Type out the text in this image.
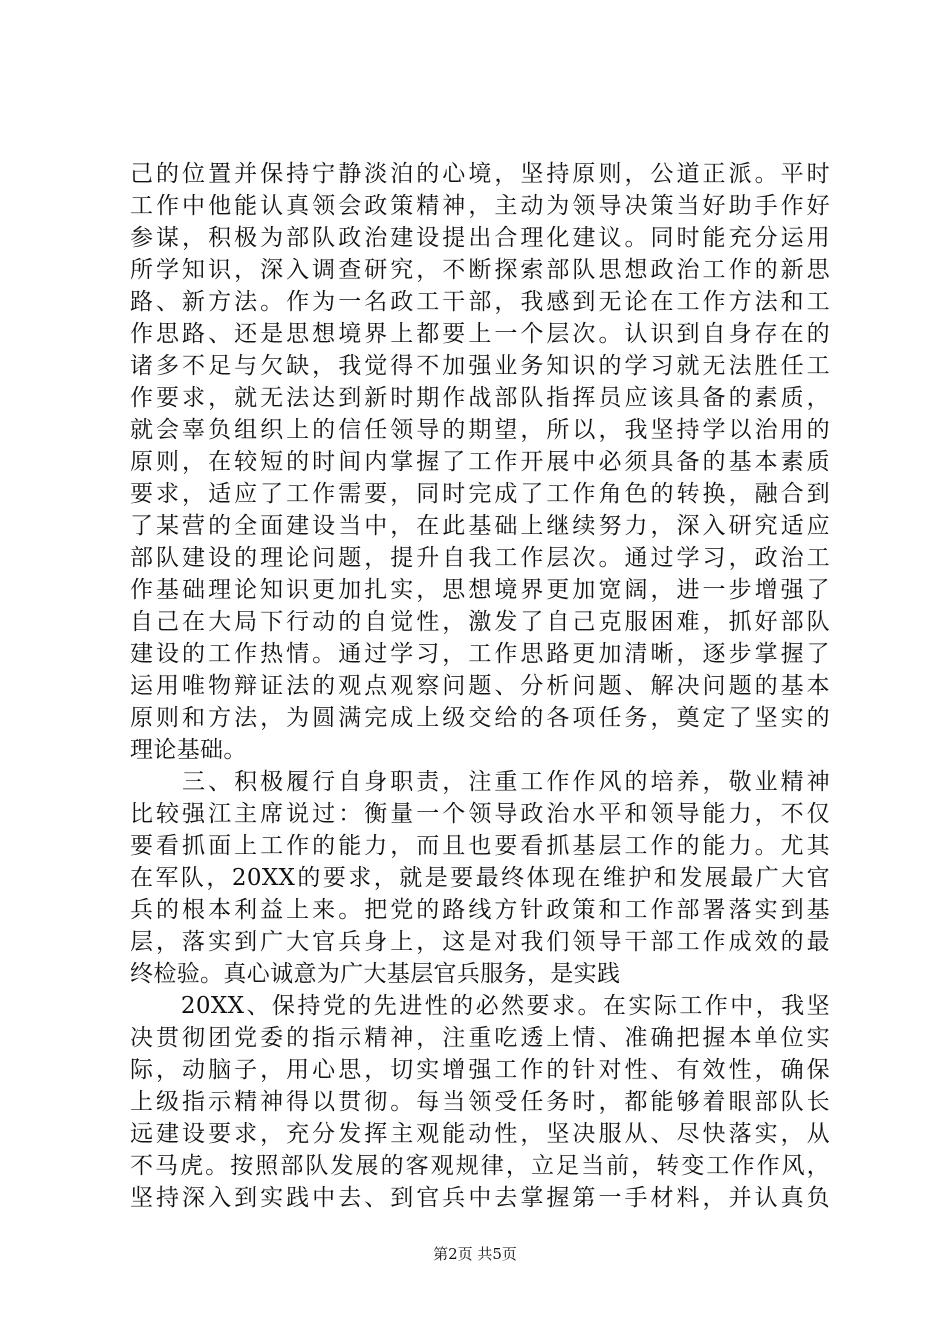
己的位置并保持宁静淡泊的心境，坚持原则，公道正派。平时
工作中他能认真领会政策精神，主动为领导决策当好助手作好
参谋，积极为部队政治建设提出合理化建议。同时能充分运用
所学知识，深入调查研究，不断探索部队思想政治工作的新思
路、新方法。作为一名政工干部，我感到无论在工作方法和工
作思路、还是思想境界上都要上一个层次。认识到自身存在的
诸多不足与欠缺，我觉得不加强业务知识的学习就无法胜任工
作要求，就无法达到新时期作战部队指挥员应该具备的素质，
就会辜负组织上的信任领导的期望，所以，我坚持学以治用的
原则，在较短的时间内掌握了工作开展中必须具备的基本素质
要求，适应了工作需要，同时完成了工作角色的转换，融合到
了某营的全面建设当中，在此基础上继续努力，深入研究适应
部队建设的理论问题，提升自我工作层次。通过学习，政治工
作基础理论知识更加扎实，思想境界更加宽阔，进一步增强了
自己在大局下行动的自觉性，激发了自己克服困难，抓好部队
建设的工作热情。通过学习，工作思路更加清晰，逐步掌握了
运用唯物辩证法的观点观察问题、分析问题、解决问题的基本
原则和方法，为圆满完成上级交给的各项任务，奠定了坚实的
理论基础。
　　三、积极履行自身职责，注重工作作风的培养，敬业精神
比较强江主席说过：衡量一个领导政治水平和领导能力，不仅
要看抓面上工作的能力，而且也要看抓基层工作的能力。尤其
在军队，20XX的要求，就是要最终体现在维护和发展最广大官
兵的根本利益上来。把党的路线方针政策和工作部署落实到基
层，落实到广大官兵身上，这是对我们领导干部工作成效的最
终检验。真心诚意为广大基层官兵服务，是实践
　　20XX、保持党的先进性的必然要求。在实际工作中，我坚
决贯彻团党委的指示精神，注重吃透上情、准确把握本单位实
际，动脑子，用心思，切实增强工作的针对性、有效性，确保
上级指示精神得以贯彻。每当领受任务时，都能够着眼部队长
远建设要求，充分发挥主观能动性，坚决服从、尽快落实，从
不马虎。按照部队发展的客观规律，立足当前，转变工作作风，
坚持深入到实践中去、到官兵中去掌握第一手材料，并认真负
第2页 共5页
